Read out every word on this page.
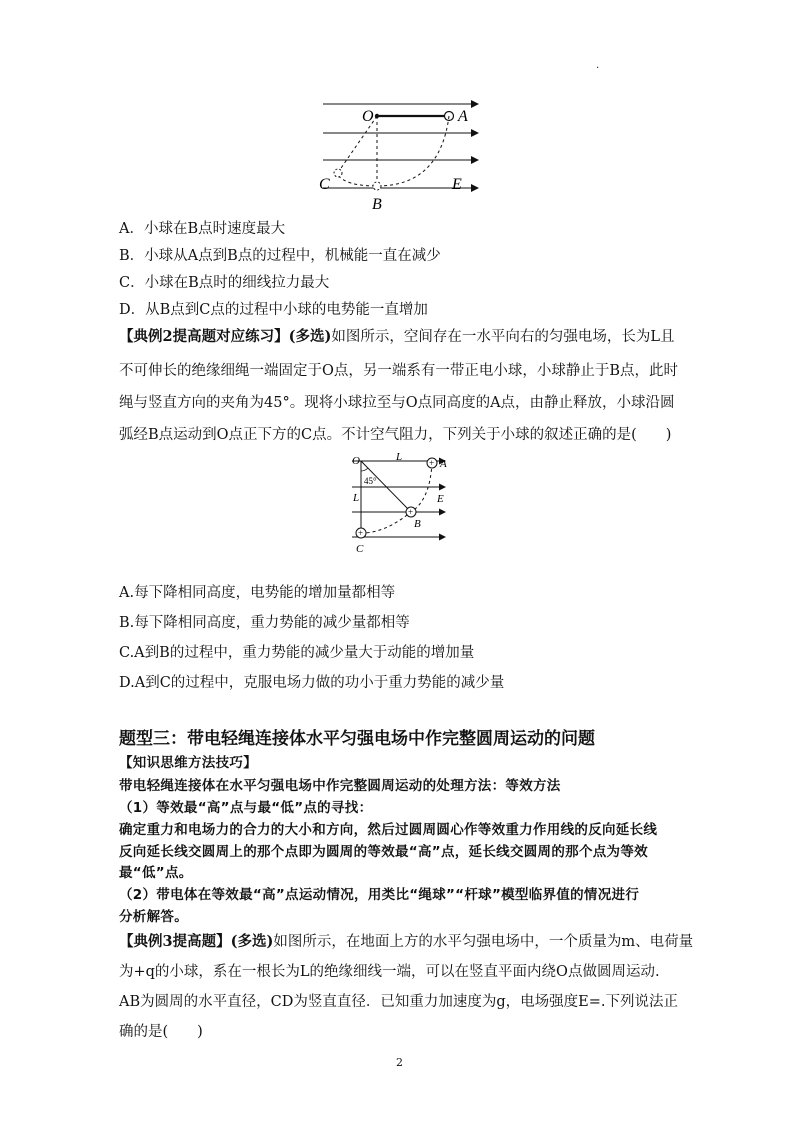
.
O	A
C	E
B
A．小球在B点时速度最大
B．小球从A点到B点的过程中，机械能一直在减少
C．小球在B点时的细线拉力最大
D．从B点到C点的过程中小球的电势能一直增加
【典例2提高题对应练习】(多选)如图所示，空间存在一水平向右的匀强电场，长为L且
不可伸长的绝缘细绳一端固定于O点，另一端系有一带正电小球，小球静止于B点，此时
绳与竖直方向的夹角为45°。现将小球拉至与O点同高度的A点，由静止释放，小球沿圆
弧经B点运动到O点正下方的C点。不计空气阻力，下列关于小球的叙述正确的是(　　)
+
+
+
O	L
A
45°
L	E
B
C
A.每下降相同高度，电势能的增加量都相等
B.每下降相同高度，重力势能的减少量都相等
C.A到B的过程中，重力势能的减少量大于动能的增加量
D.A到C的过程中，克服电场力做的功小于重力势能的减少量
题型三：带电轻绳连接体水平匀强电场中作完整圆周运动的问题
【知识思维方法技巧】
带电轻绳连接体在水平匀强电场中作完整圆周运动的处理方法：等效方法
（1）等效最“高”点与最“低”点的寻找：
确定重力和电场力的合力的大小和方向，然后过圆周圆心作等效重力作用线的反向延长线
反向延长线交圆周上的那个点即为圆周的等效最“高”点，延长线交圆周的那个点为等效
最“低”点。
（2）带电体在等效最“高”点运动情况，用类比“绳球”“杆球”模型临界值的情况进行
分析解答。
【典例3提高题】(多选)如图所示，在地面上方的水平匀强电场中，一个质量为m、电荷量
为+q的小球，系在一根长为L的绝缘细线一端，可以在竖直平面内绕O点做圆周运动.
AB为圆周的水平直径，CD为竖直直径．已知重力加速度为g，电场强度E=.下列说法正
确的是(　　)
2
